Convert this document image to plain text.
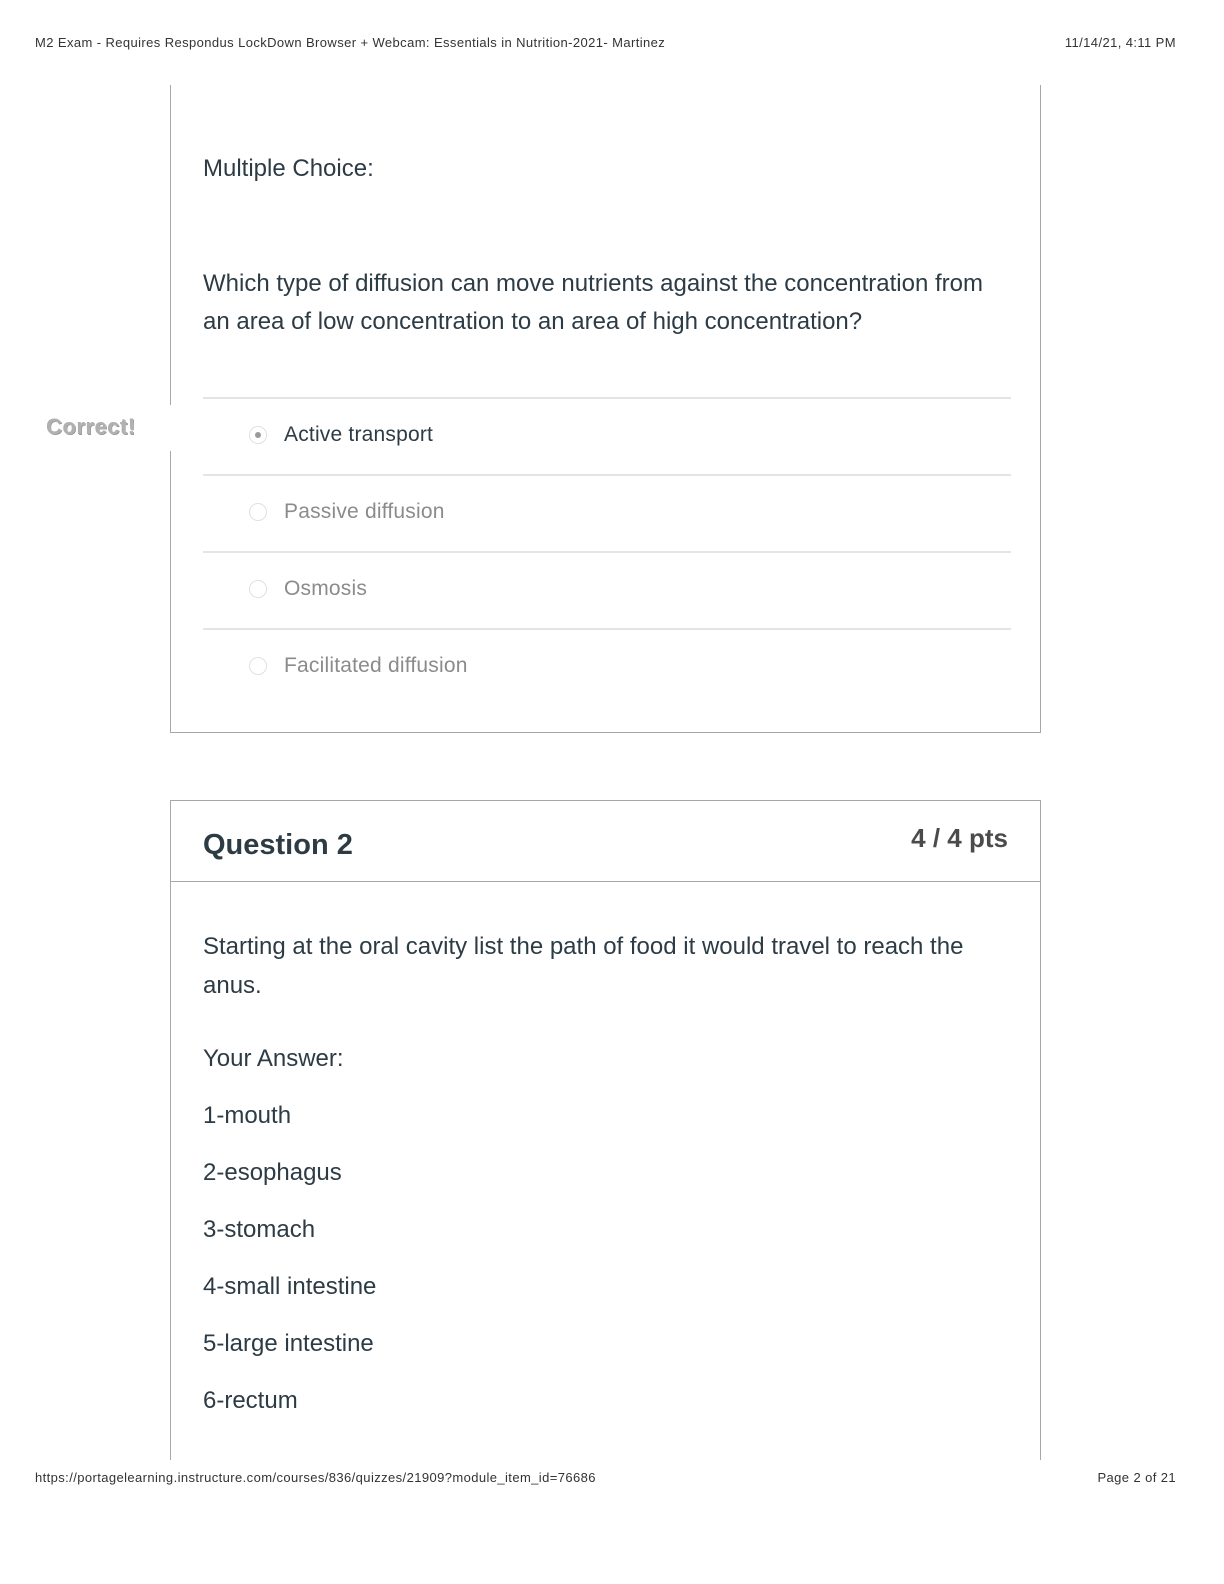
M2 Exam - Requires Respondus LockDown Browser + Webcam: Essentials in Nutrition-2021- Martinez	11/14/21, 4:11 PM
Correct!
Multiple Choice:
Which type of diffusion can move nutrients against the concentration from an area of low concentration to an area of high concentration?
Active transport
Passive diffusion
Osmosis
Facilitated diffusion
Question 2	4 / 4 pts
Starting at the oral cavity list the path of food it would travel to reach the anus.
Your Answer:
1-mouth
2-esophagus
3-stomach
4-small intestine
5-large intestine
6-rectum
https://portagelearning.instructure.com/courses/836/quizzes/21909?module_item_id=76686	Page 2 of 21
